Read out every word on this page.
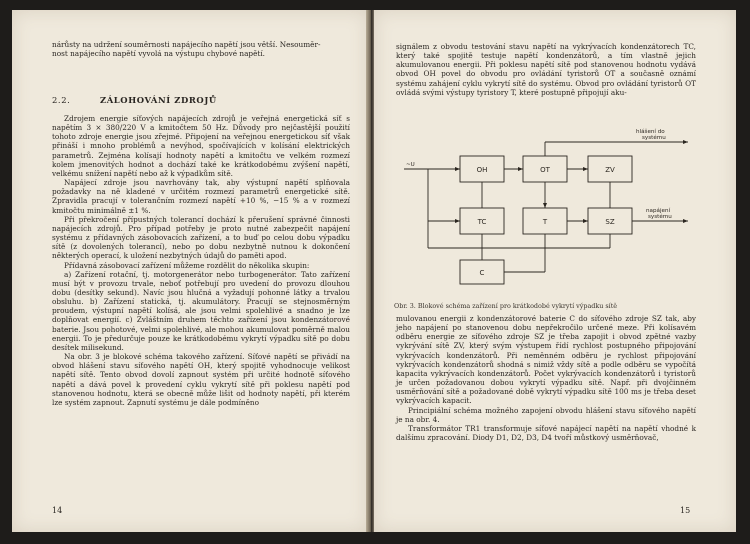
nárůsty na udržení souměrnosti napájecího napětí jsou větší. Nesouměr-

nost napájecího napětí vyvolá na výstupu chybové napětí.

2.2.	ZÁLOHOVÁNÍ ZDROJŮ

Zdrojem energie síťových napájecích zdrojů je veřejná energetická síť s napětím 3 × 380/220 V a kmitočtem 50 Hz. Důvody pro nejčastější použití tohoto zdroje energie jsou zřejmé. Připojení na veřejnou energetickou síť však přináší i mnoho problémů a nevýhod, spočívajících v kolísání elektrických parametrů. Zejména kolísají hodnoty napětí a kmitočtu ve velkém rozmezí kolem jmenovitých hodnot a dochází také ke krátkodobému zvýšení napětí, velkému snížení napětí nebo až k výpadkům sítě.

Napájecí zdroje jsou navrhovány tak, aby výstupní napětí splňovala požadavky na ně kladené v určitém rozmezí parametrů energetické sítě. Zpravidla pracují v tolerančním rozmezí napětí +10 %, −15 % a v rozmezí kmitočtu minimálně ±1 %.

Při překročení přípustných tolerancí dochází k přerušení správné činnosti napájecích zdrojů. Pro případ potřeby je proto nutné zabezpečit napájení systému z přídavných zásobovacích zařízení, a to buď po celou dobu výpadku sítě (z dovolených tolerancí), nebo po dobu nezbytně nutnou k dokončení některých operací, k uložení nezbytných údajů do paměti apod.

Přídavná zásobovací zařízení můžeme rozdělit do několika skupin:

a) Zařízení rotační, tj. motorgenerátor nebo turbogenerátor. Tato zařízení musí být v provozu trvale, neboť potřebují pro uvedení do provozu dlouhou dobu (desítky sekund). Navíc jsou hlučná a vyžadují pohonné látky a trvalou obsluhu. b) Zařízení statická, tj. akumulátory. Pracují se stejnosměrným proudem, výstupní napětí kolísá, ale jsou velmi spolehlivé a snadno je lze doplňovat energií. c) Zvláštním druhem těchto zařízení jsou kondenzátorové baterie. Jsou pohotové, velmi spolehlivé, ale mohou akumulovat poměrně malou energii. To je předurčuje pouze ke krátkodobému vykrytí výpadku sítě po dobu desítek milisekund.

Na obr. 3 je blokové schéma takového zařízení. Síťové napětí se přivádí na obvod hlášení stavu síťového napětí OH, který spojitě vyhodnocuje velikost napětí sítě. Tento obvod dovolí zapnout systém při určité hodnotě síťového napětí a dává povel k provedení cyklu vykrytí sítě při poklesu napětí pod stanovenou hodnotu, která se obecně může lišit od hodnoty napětí, při kterém lze systém zapnout. Zapnutí systému je dále podmíněno

14

signálem z obvodu testování stavu napětí na vykrývacích kondenzátorech TC, který také spojitě testuje napětí kondenzátorů, a tím vlastně jejich akumulovanou energii. Při poklesu napětí sítě pod stanovenou hodnotu vydává obvod OH povel do obvodu pro ovládání tyristorů OT a současně oznámí systému zahájení cyklu vykrytí sítě do systému. Obvod pro ovládání tyristorů OT ovládá svými výstupy tyristory T, které postupně připojují aku-

OH	OT	ZV
TC	T	SZ
C
~U
hlášení do
systému
napájení
systému
Obr. 3. Blokové schéma zařízení pro krátkodobé vykrytí výpadku sítě

mulovanou energii z kondenzátorové baterie C do síťového zdroje SZ tak, aby jeho napájení po stanovenou dobu nepřekročilo určené meze. Při kolísavém odběru energie ze síťového zdroje SZ je třeba zapojit i obvod zpětné vazby vykrývání sítě ZV, který svým výstupem řídí rychlost postupného připojování vykrývacích kondenzátorů. Při neměnném odběru je rychlost připojování vykrývacích kondenzátorů shodná s nimiž vždy sítě a podle odběru se vypočítá kapacita vykrývacích kondenzátorů. Počet vykrývacích kondenzátorů i tyristorů je určen požadovanou dobou vykrytí výpadku sítě. Např. při dvojčinném usměrňování sítě a požadované době vykrytí výpadku sítě 100 ms je třeba deset vykrývacích kapacit.

Principiální schéma možného zapojení obvodu hlášení stavu síťového napětí je na obr. 4.

Transformátor TR1 transformuje síťové napájecí napětí na napětí vhodné k dalšímu zpracování. Diody D1, D2, D3, D4 tvoří můstkový usměrňovač,

15
